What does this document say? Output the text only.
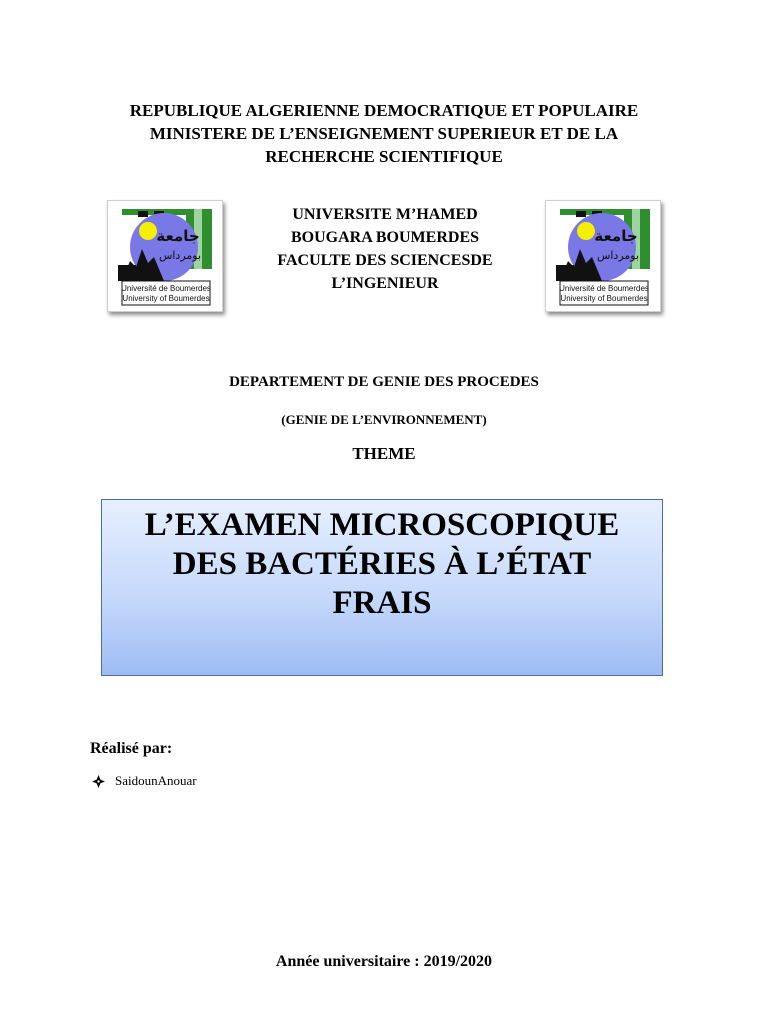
REPUBLIQUE ALGERIENNE DEMOCRATIQUE ET POPULAIRE
MINISTERE DE L’ENSEIGNEMENT SUPERIEUR ET DE LA
RECHERCHE SCIENTIFIQUE
جامعة
بومرداس
Université de Boumerdes
University of Boumerdes
UNIVERSITE M’HAMED
BOUGARA BOUMERDES
FACULTE DES SCIENCESDE
L’INGENIEUR
جامعة
بومرداس
Université de Boumerdes
University of Boumerdes
DEPARTEMENT DE GENIE DES PROCEDES
(GENIE DE L’ENVIRONNEMENT)
THEME
L’EXAMEN MICROSCOPIQUE
DES BACTÉRIES À L’ÉTAT
FRAIS
Réalisé par:
SaidounAnouar
Année universitaire : 2019/2020
